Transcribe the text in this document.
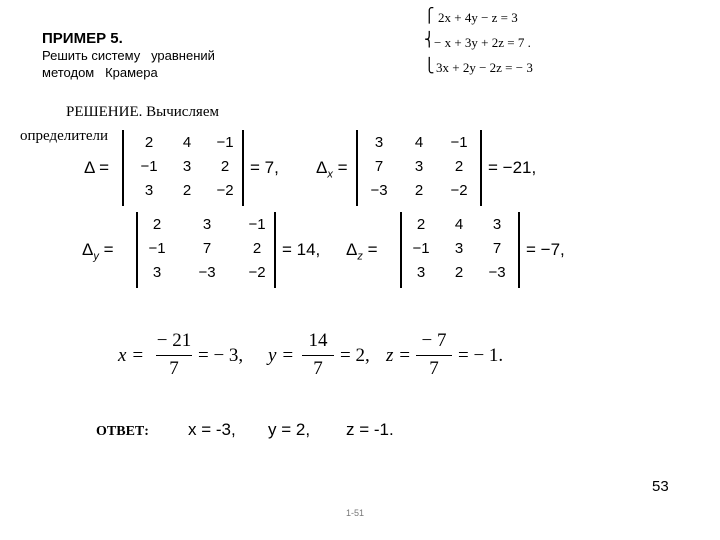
ПРИМЕР 5.
Решить систему   уравнений
методом   Крамера
⎧
⎨
⎩
2x + 4y − z = 3
− x + 3y + 2z = 7 .
3x + 2y − 2z = − 3
РЕШЕНИЕ. Вычисляем
определители
Δ =
2	4	−1
−1	3	2
3	2	−2
= 7, $\Delta_x$ =
3	4	−1
7	3	2
−3	2	−2
= −21,
$\Delta_y$ =
2	3	−1
−1	7	2
3	−3	−2
= 14, $\Delta_z$ =
2	4	3
−1	3	7
3	2	−3
= −7,
x =
− 21
7
= − 3, y =
14
7
= 2, z =
− 7
7
= − 1.
ОТВЕТ: x = -3, y = 2, z = -1.
1-51
53
